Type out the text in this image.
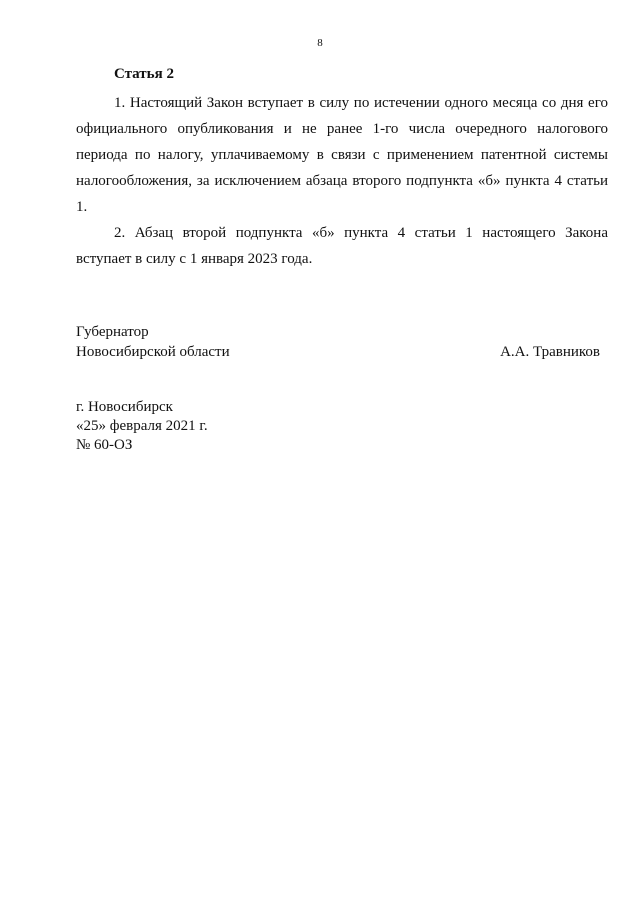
8

Статья 2

1. Настоящий Закон вступает в силу по истечении одного месяца со дня его официального опубликования и не ранее 1-го числа очередного налогового периода по налогу, уплачиваемому в связи с применением патентной системы налогообложения, за исключением абзаца второго подпункта «б» пункта 4 статьи 1.

2. Абзац второй подпункта «б» пункта 4 статьи 1 настоящего Закона вступает в силу с 1 января 2023 года.

Губернатор
Новосибирской области	А.А. Травников
г. Новосибирск
«25» февраля 2021 г.
№ 60-ОЗ
